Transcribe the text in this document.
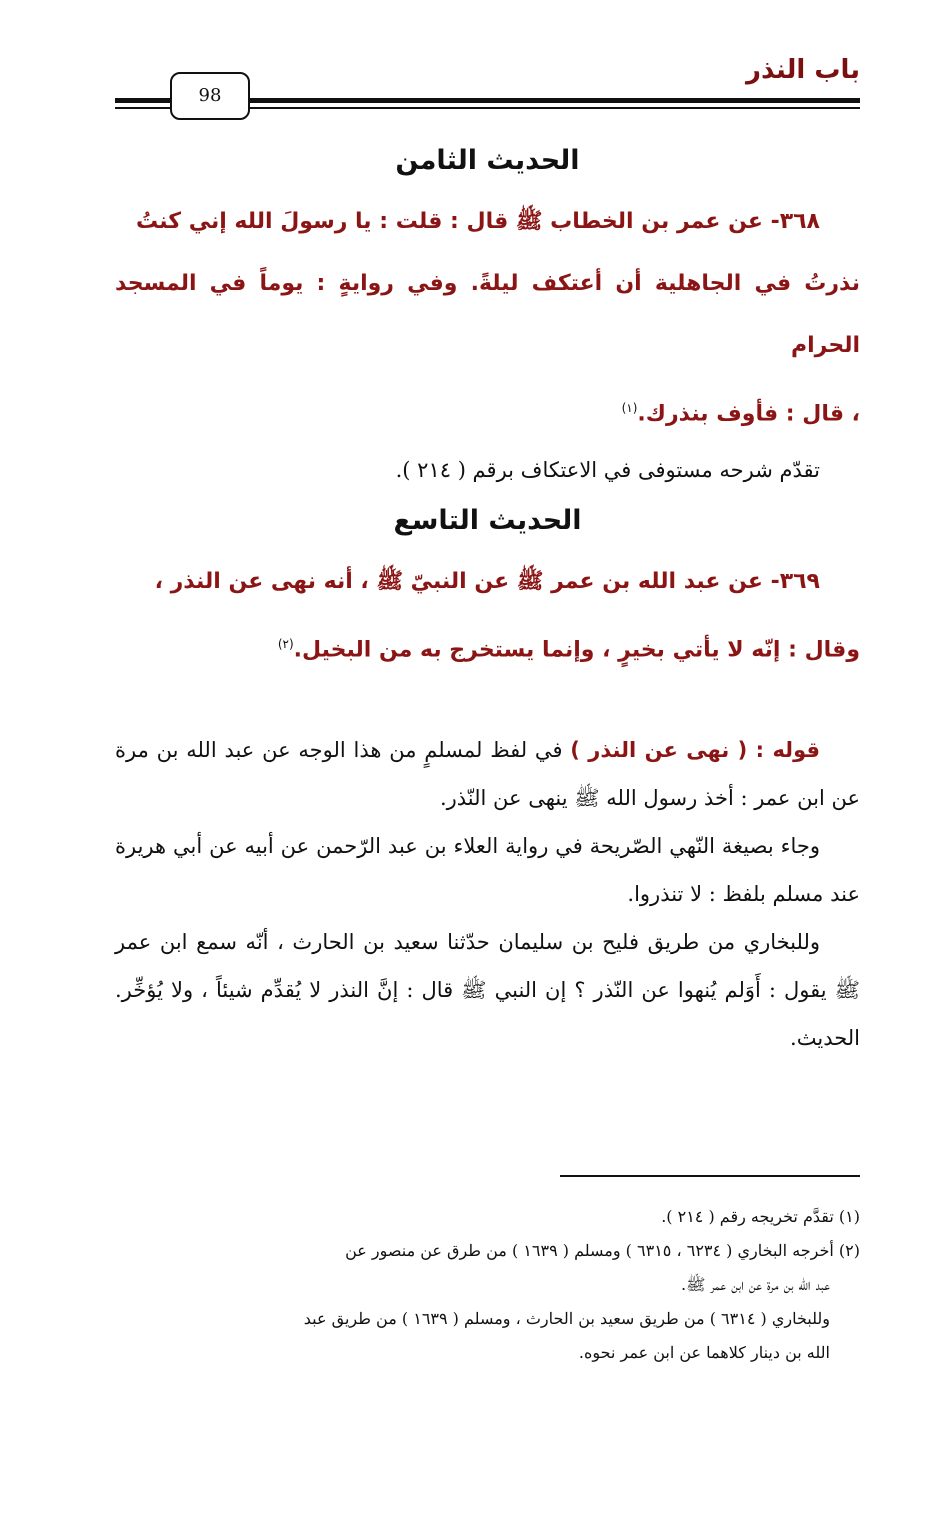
باب النذر
98
الحديث الثامن
٣٦٨- عن عمر بن الخطاب ﷺ قال : قلت : يا رسولَ الله إني كنتُ
نذرتُ في الجاهلية أن أعتكف ليلةً. وفي روايةٍ : يوماً في المسجد الحرام
، قال : فأوف بنذرك.$^{(١)}$

تقدّم شرحه مستوفى في الاعتكاف برقم ( ٢١٤ ).

الحديث التاسع
٣٦٩- عن عبد الله بن عمر ﷺ عن النبيّ ﷺ ، أنه نهى عن النذر ،
وقال : إنّه لا يأتي بخيرٍ ، وإنما يستخرج به من البخيل.$^{(٢)}$

قوله : ( نهى عن النذر ) في لفظ لمسلمٍ من هذا الوجه عن عبد الله بن مرة عن ابن عمر : أخذ رسول الله ﷺ ينهى عن النّذر.

وجاء بصيغة النّهي الصّريحة في رواية العلاء بن عبد الرّحمن عن أبيه عن أبي هريرة عند مسلم بلفظ : لا تنذروا.

وللبخاري من طريق فليح بن سليمان حدّثنا سعيد بن الحارث ، أنّه سمع ابن عمر ﷺ يقول : أَوَلم يُنهوا عن النّذر ؟ إن النبي ﷺ قال : إنَّ النذر لا يُقدِّم شيئاً ، ولا يُؤخِّر. الحديث.

(١) تقدَّم تخريجه رقم ( ٢١٤ ).

(٢) أخرجه البخاري ( ٦٢٣٤ ، ٦٣١٥ ) ومسلم ( ١٦٣٩ ) من طرق عن منصور عن

عبد الله بن مرة عن ابن عمر ﷺ.

وللبخاري ( ٦٣١٤ ) من طريق سعيد بن الحارث ، ومسلم ( ١٦٣٩ ) من طريق عبد

الله بن دينار كلاهما عن ابن عمر نحوه.
